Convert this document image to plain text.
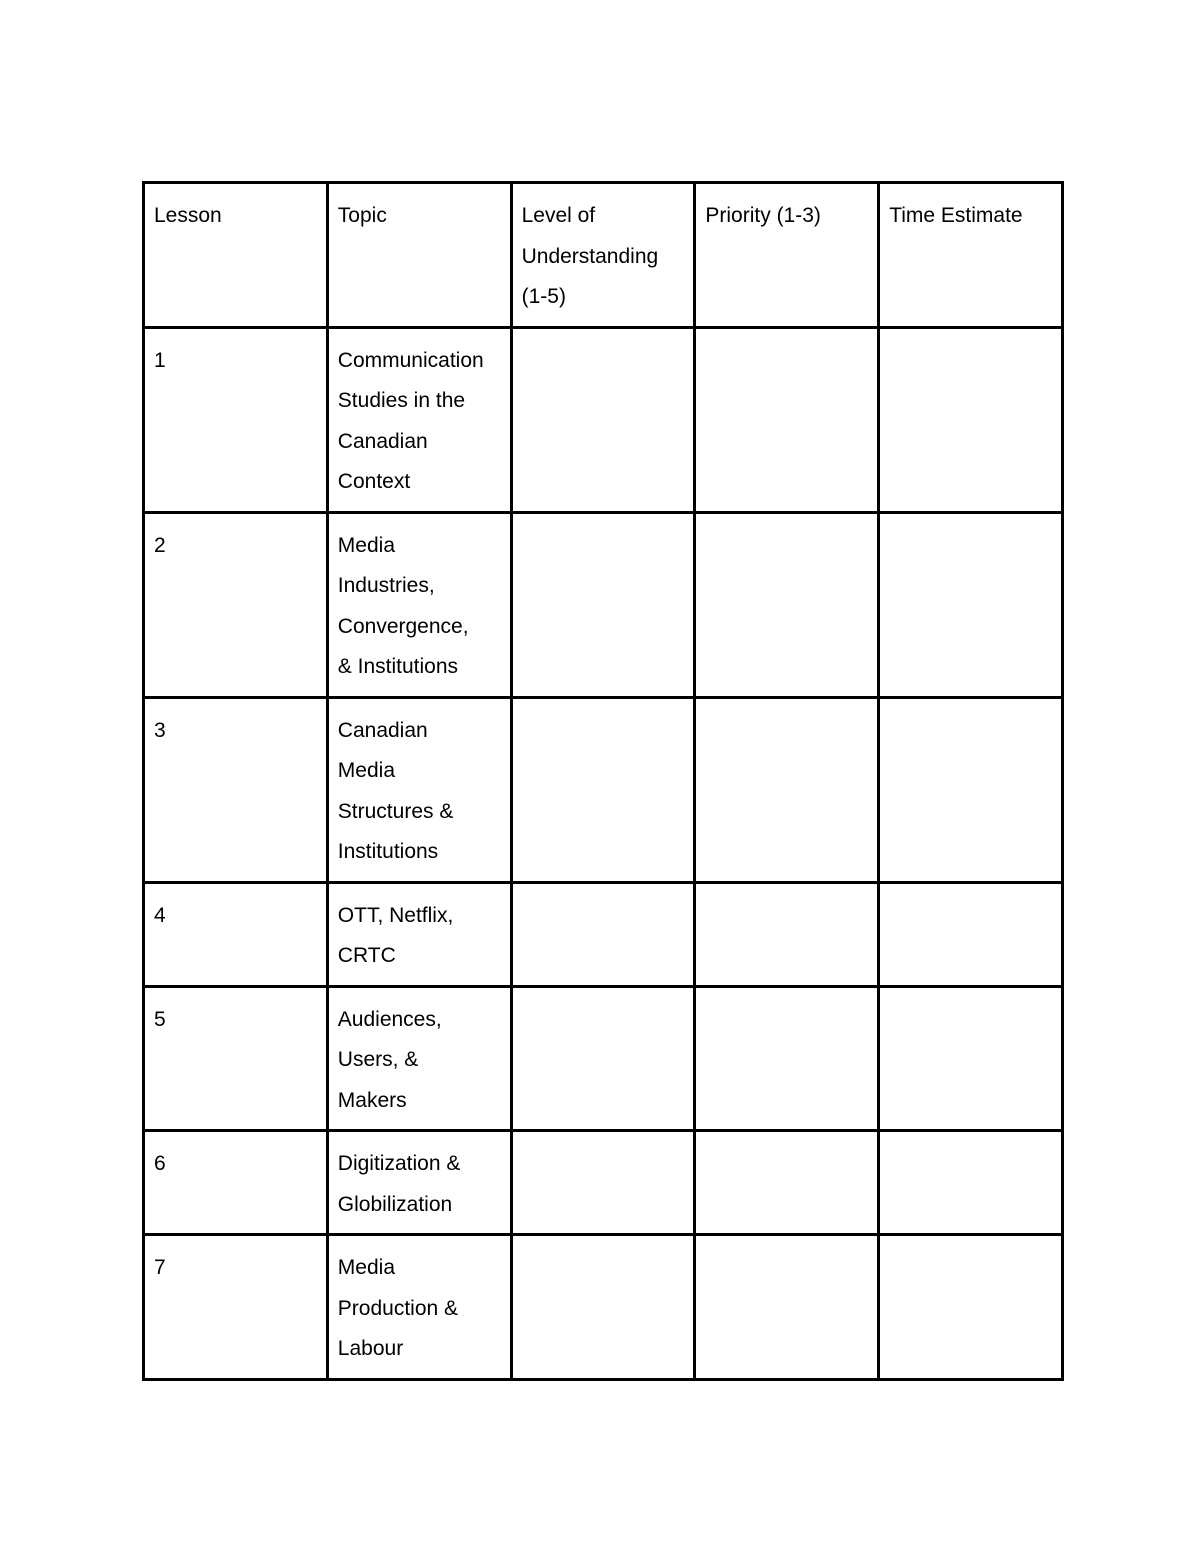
Lesson	Topic	Level of Understanding (1-5)	Priority (1-3)	Time Estimate

1	Communication Studies in the Canadian Context			

2	Media Industries, Convergence, & Institutions			

3	Canadian Media Structures & Institutions			

4	OTT, Netflix, CRTC			

5	Audiences, Users, & Makers			

6	Digitization & Globilization			

7	Media Production & Labour			
